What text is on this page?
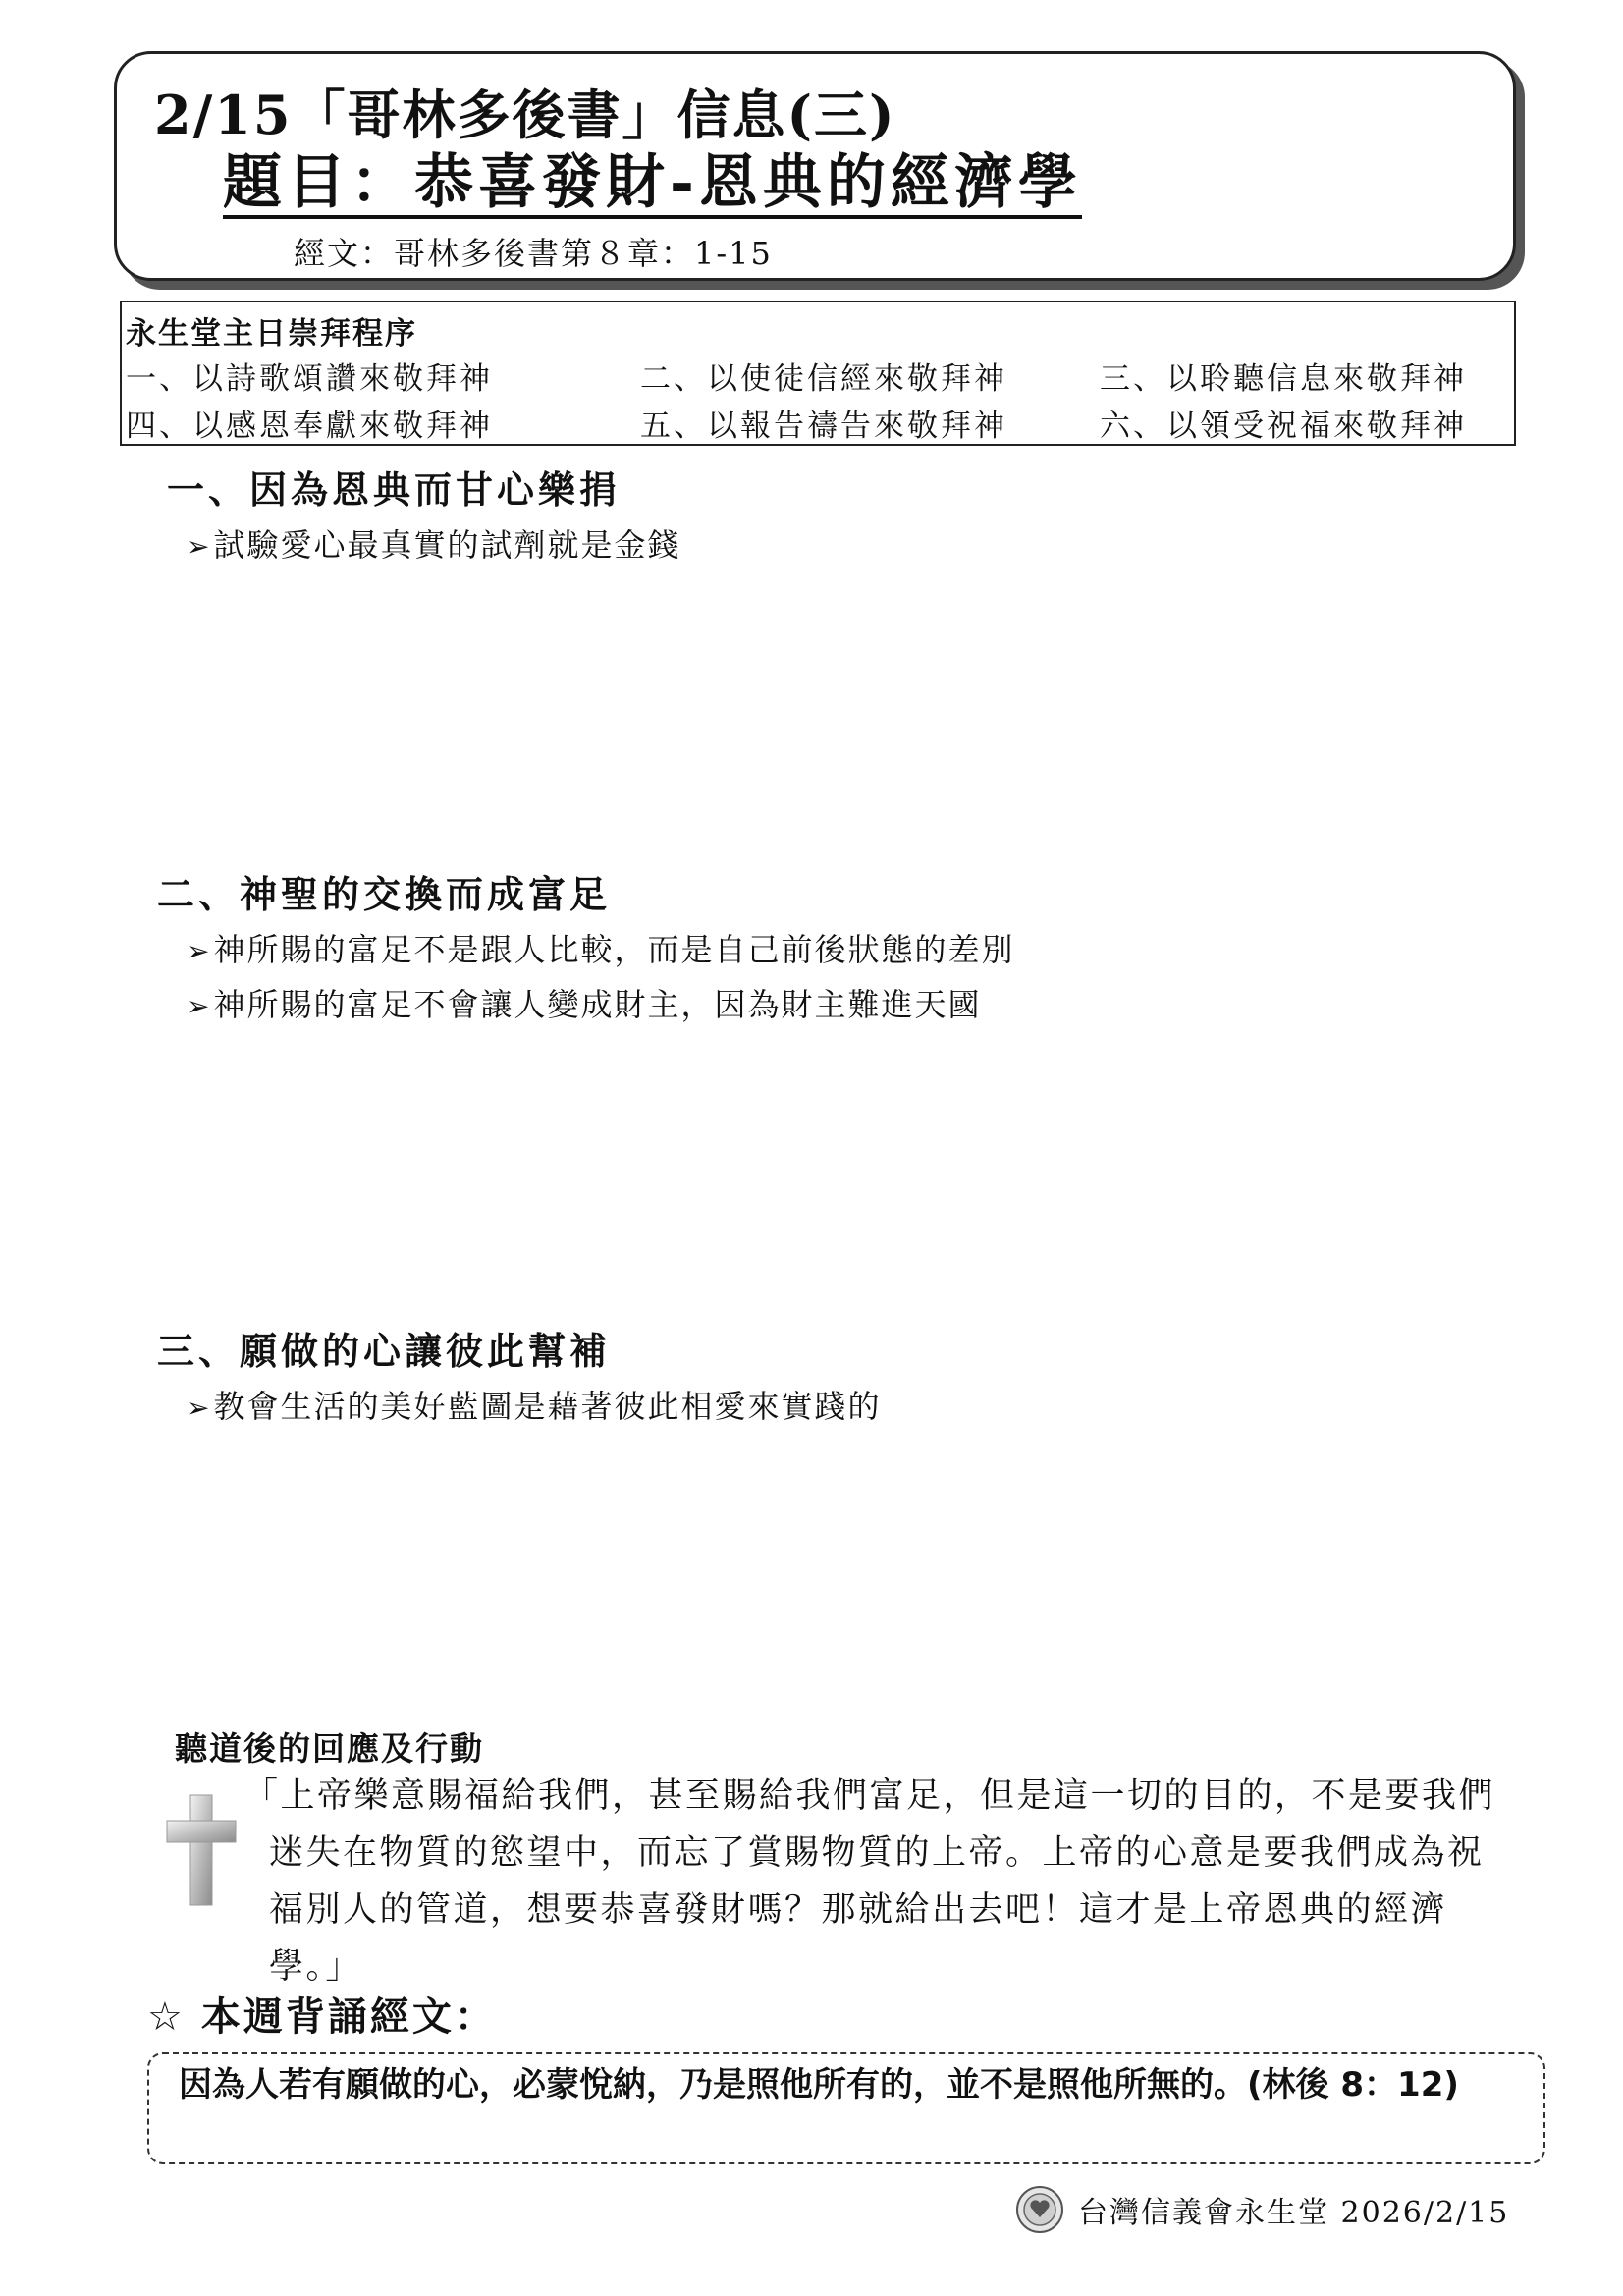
2/15「哥林多後書」信息(三)
題目：恭喜發財-恩典的經濟學
經文：哥林多後書第８章：1-15
永生堂主日崇拜程序
一、以詩歌頌讚來敬拜神	二、以使徒信經來敬拜神	三、以聆聽信息來敬拜神
四、以感恩奉獻來敬拜神	五、以報告禱告來敬拜神	六、以領受祝福來敬拜神
一、因為恩典而甘心樂捐
➢試驗愛心最真實的試劑就是金錢
二、神聖的交換而成富足
➢神所賜的富足不是跟人比較，而是自己前後狀態的差別
➢神所賜的富足不會讓人變成財主，因為財主難進天國
三、願做的心讓彼此幫補
➢教會生活的美好藍圖是藉著彼此相愛來實踐的
聽道後的回應及行動
「上帝樂意賜福給我們，甚至賜給我們富足，但是這一切的目的，不是要我們
迷失在物質的慾望中，而忘了賞賜物質的上帝。上帝的心意是要我們成為祝
福別人的管道，想要恭喜發財嗎？那就給出去吧！這才是上帝恩典的經濟
學。」
☆ 本週背誦經文：
因為人若有願做的心，必蒙悅納，乃是照他所有的，並不是照他所無的。(林後 8：12)
台灣信義會永生堂 2026/2/15
